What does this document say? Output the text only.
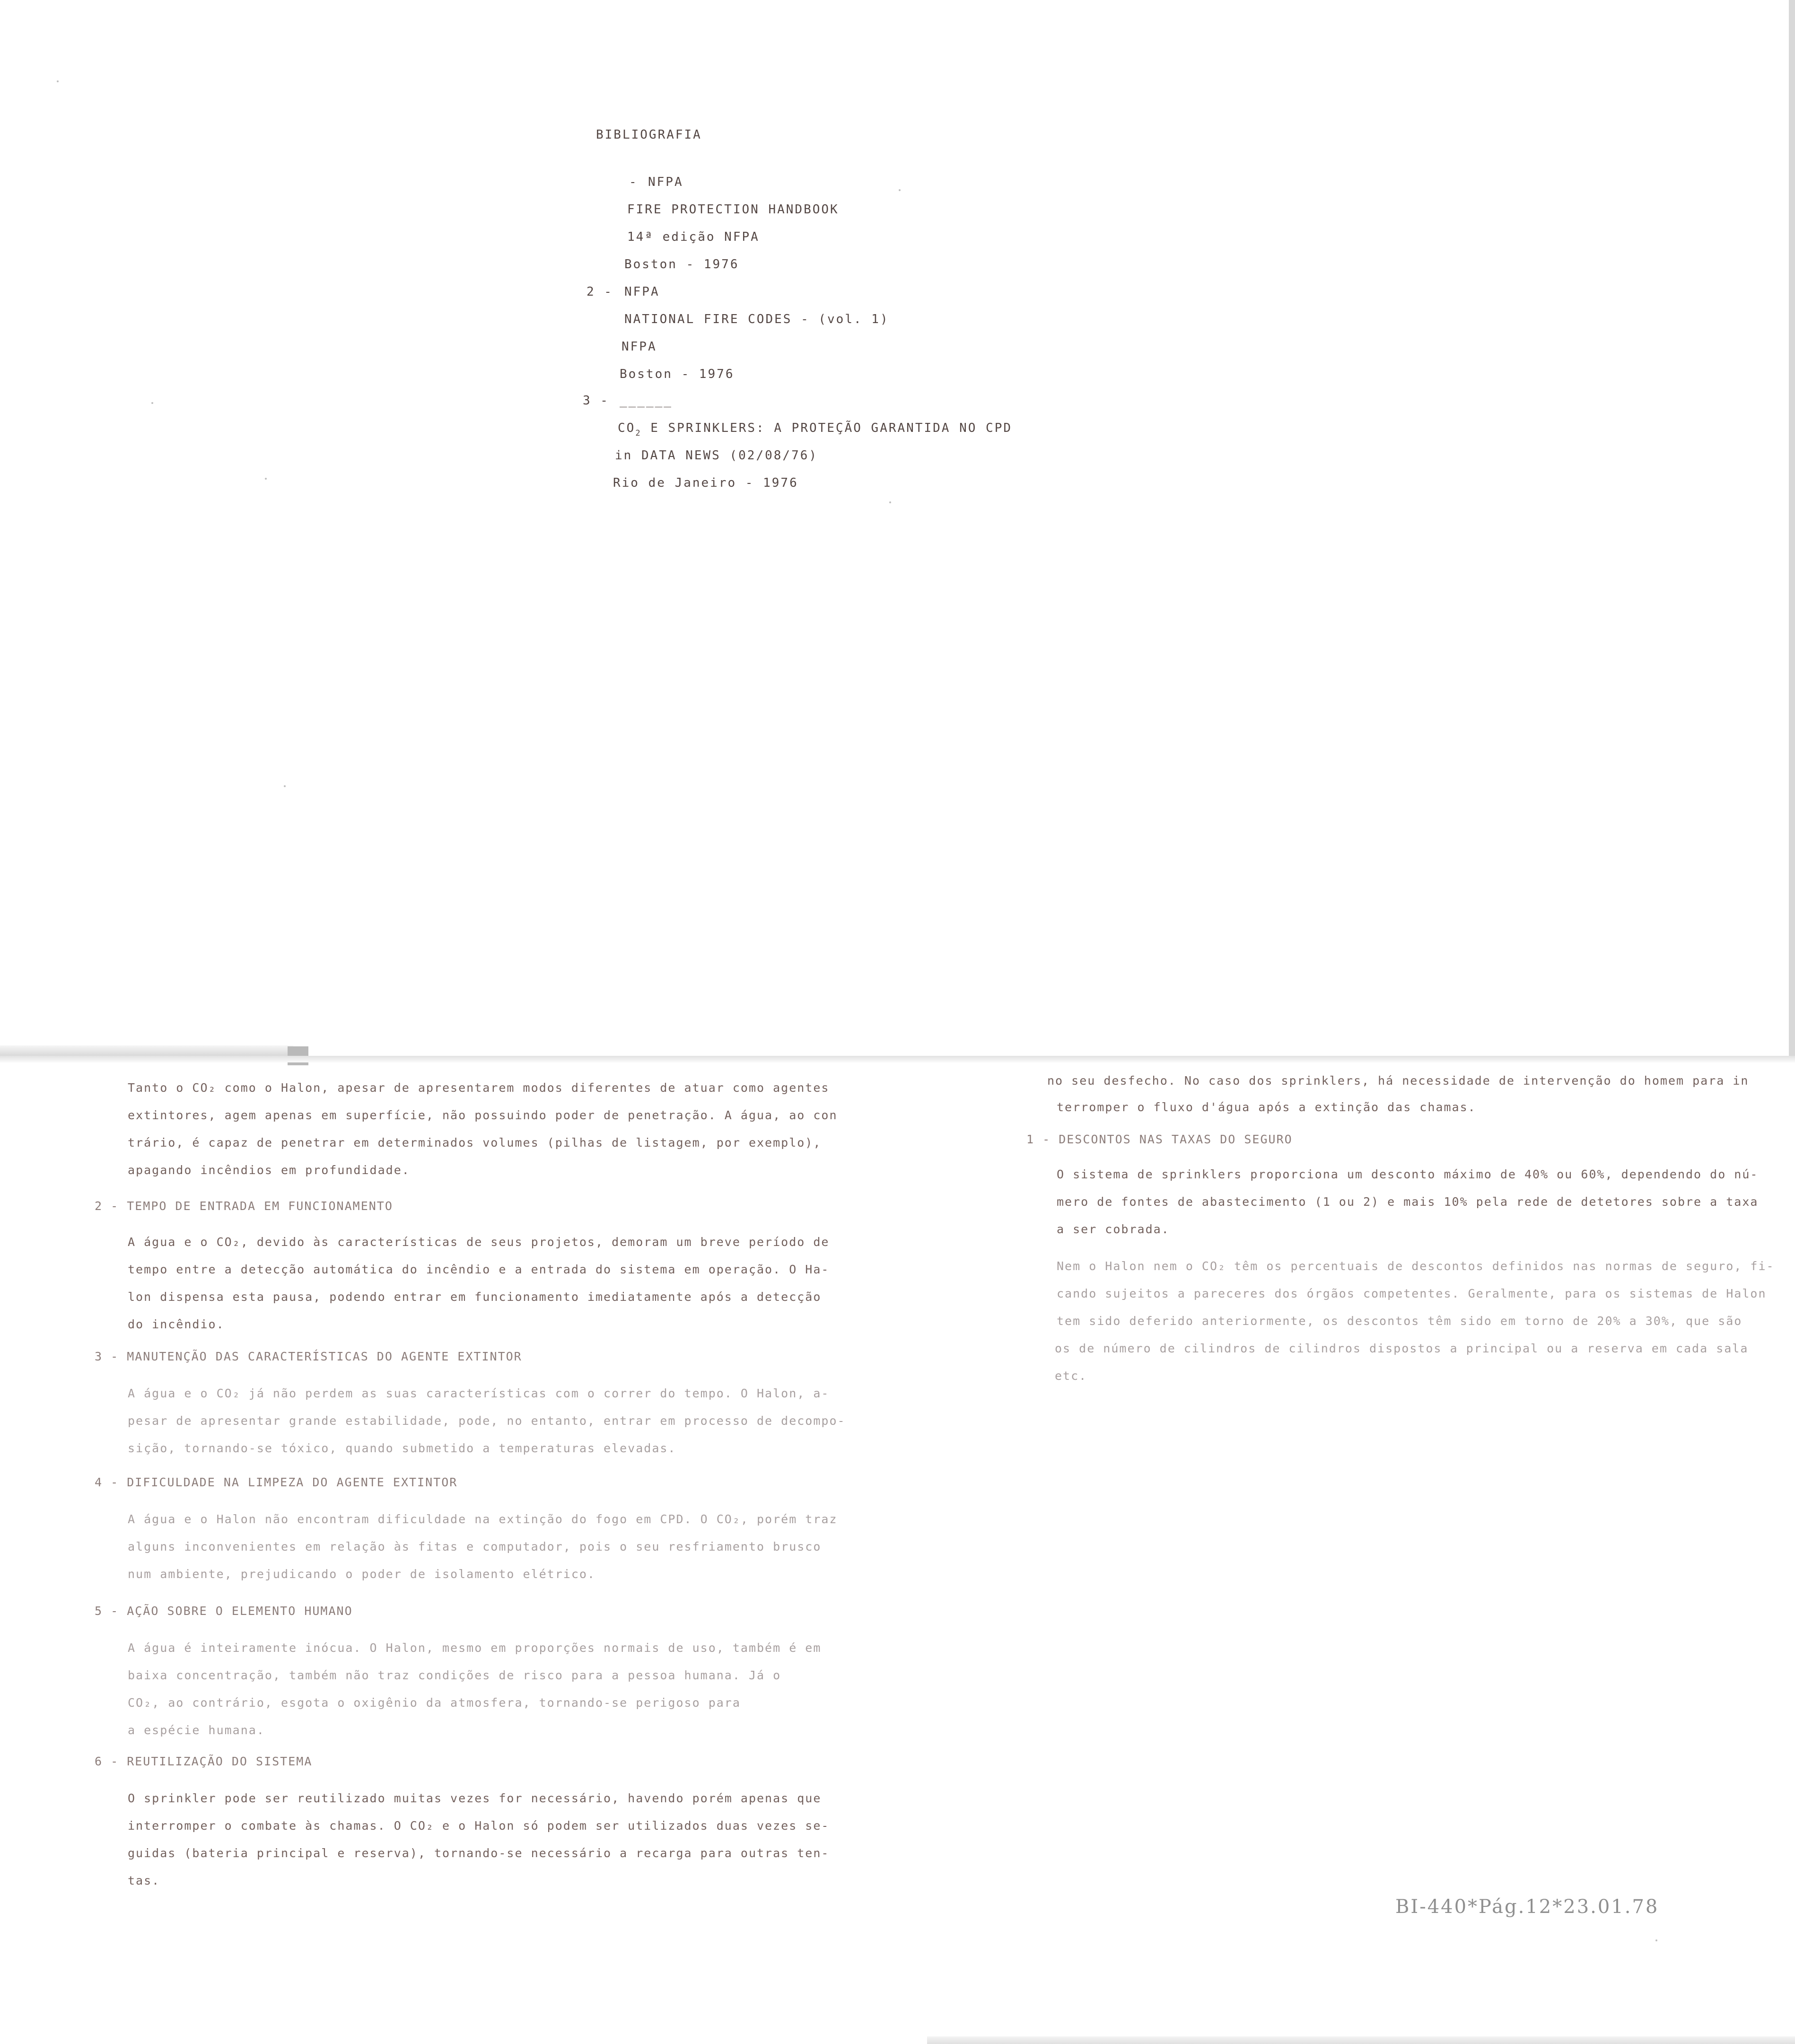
BIBLIOGRAFIA
- NFPA
FIRE PROTECTION HANDBOOK
14ª edição NFPA
Boston - 1976
2 - NFPA
NATIONAL FIRE CODES - (vol. 1)
NFPA
Boston - 1976
3 - ______
$CO_2$ E SPRINKLERS: A PROTEÇÃO GARANTIDA NO CPD
in DATA NEWS (02/08/76)
Rio de Janeiro - 1976
Tanto o CO₂ como o Halon, apesar de apresentarem modos diferentes de atuar como agentes
extintores, agem apenas em superfície, não possuindo poder de penetração. A água, ao con
trário, é capaz de penetrar em determinados volumes (pilhas de listagem, por exemplo),
apagando incêndios em profundidade.
2 - TEMPO DE ENTRADA EM FUNCIONAMENTO
A água e o CO₂, devido às características de seus projetos, demoram um breve período de
tempo entre a detecção automática do incêndio e a entrada do sistema em operação. O Ha-
lon dispensa esta pausa, podendo entrar em funcionamento imediatamente após a detecção
do incêndio.
3 - MANUTENÇÃO DAS CARACTERÍSTICAS DO AGENTE EXTINTOR
A água e o CO₂ já não perdem as suas características com o correr do tempo. O Halon, a-
pesar de apresentar grande estabilidade, pode, no entanto, entrar em processo de decompo-
sição, tornando-se tóxico, quando submetido a temperaturas elevadas.
4 - DIFICULDADE NA LIMPEZA DO AGENTE EXTINTOR
A água e o Halon não encontram dificuldade na extinção do fogo em CPD. O CO₂, porém traz
alguns inconvenientes em relação às fitas e computador, pois o seu resfriamento brusco
num ambiente, prejudicando o poder de isolamento elétrico.
5 - AÇÃO SOBRE O ELEMENTO HUMANO
A água é inteiramente inócua. O Halon, mesmo em proporções normais de uso, também é em
baixa concentração, também não traz condições de risco para a pessoa humana. Já o
CO₂, ao contrário, esgota o oxigênio da atmosfera, tornando-se perigoso para
a espécie humana.
6 - REUTILIZAÇÃO DO SISTEMA
O sprinkler pode ser reutilizado muitas vezes for necessário, havendo porém apenas que
interromper o combate às chamas. O CO₂ e o Halon só podem ser utilizados duas vezes se-
guidas (bateria principal e reserva), tornando-se necessário a recarga para outras ten-
tas.
no seu desfecho. No caso dos sprinklers, há necessidade de intervenção do homem para in
terromper o fluxo d'água após a extinção das chamas.
1 - DESCONTOS NAS TAXAS DO SEGURO
O sistema de sprinklers proporciona um desconto máximo de 40% ou 60%, dependendo do nú-
mero de fontes de abastecimento (1 ou 2) e mais 10% pela rede de detetores sobre a taxa
a ser cobrada.
Nem o Halon nem o CO₂ têm os percentuais de descontos definidos nas normas de seguro, fi-
cando sujeitos a pareceres dos órgãos competentes. Geralmente, para os sistemas de Halon
tem sido deferido anteriormente, os descontos têm sido em torno de 20% a 30%, que são
os de número de cilindros de cilindros dispostos a principal ou a reserva em cada sala
etc.
BI-440*Pág.12*23.01.78
